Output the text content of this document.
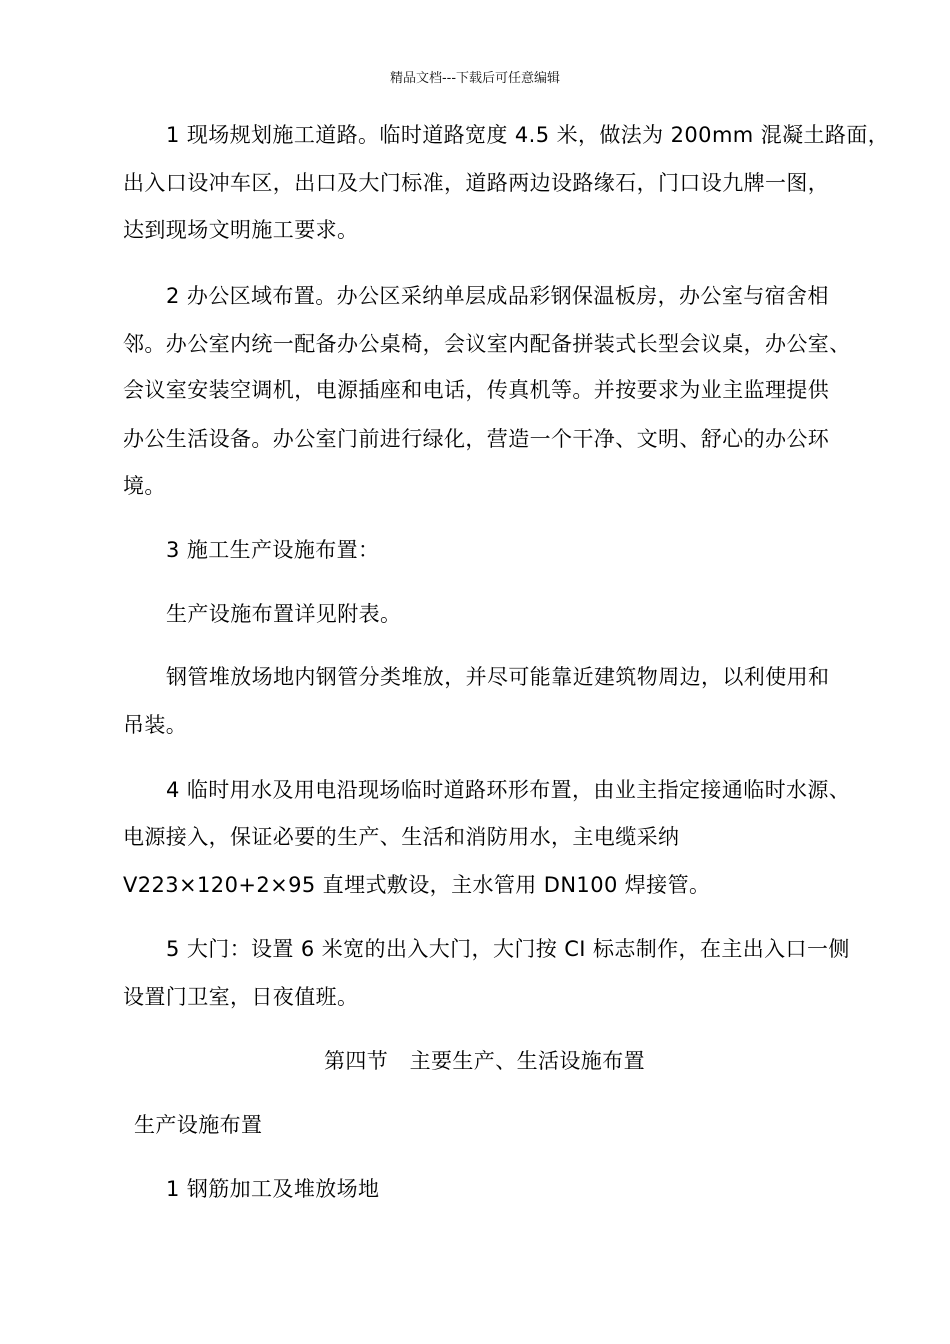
精品文档---下载后可任意编辑
1 现场规划施工道路。临时道路宽度 4.5 米，做法为 200mm 混凝土路面，
出入口设冲车区，出口及大门标准，道路两边设路缘石，门口设九牌一图，
达到现场文明施工要求。
2 办公区域布置。办公区采纳单层成品彩钢保温板房，办公室与宿舍相
邻。办公室内统一配备办公桌椅，会议室内配备拼装式长型会议桌，办公室、
会议室安装空调机，电源插座和电话，传真机等。并按要求为业主监理提供
办公生活设备。办公室门前进行绿化，营造一个干净、文明、舒心的办公环
境。
3 施工生产设施布置：
生产设施布置详见附表。
钢管堆放场地内钢管分类堆放，并尽可能靠近建筑物周边，以利使用和
吊装。
4 临时用水及用电沿现场临时道路环形布置，由业主指定接通临时水源、
电源接入，保证必要的生产、生活和消防用水，主电缆采纳
V223×120+2×95 直埋式敷设，主水管用 DN100 焊接管。
5 大门：设置 6 米宽的出入大门，大门按 CI 标志制作，在主出入口一侧
设置门卫室，日夜值班。
第四节　主要生产、生活设施布置
生产设施布置
1 钢筋加工及堆放场地
